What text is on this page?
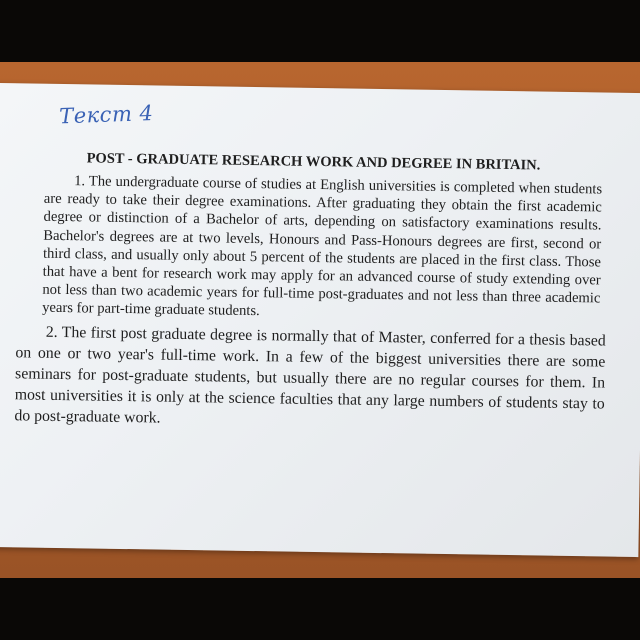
Текст 4
POST - GRADUATE RESEARCH WORK AND DEGREE IN BRITAIN.

1. The undergraduate course of studies at English universities is completed when students are ready to take their degree examinations. After graduating they obtain the first academic degree or distinction of a Bachelor of arts, depending on satisfactory examinations results. Bachelor's degrees are at two levels, Honours and Pass-Honours degrees are first, second or third class, and usually only about 5 percent of the students are placed in the first class. Those that have a bent for research work may apply for an advanced course of study extending over not less than two academic years for full-time post-graduates and not less than three academic years for part-time graduate students.

2. The first post graduate degree is normally that of Master, conferred for a thesis based on one or two year's full-time work. In a few of the biggest universities there are some seminars for post-graduate students, but usually there are no regular courses for them. In most universities it is only at the science faculties that any large numbers of students stay to do post-graduate work.
